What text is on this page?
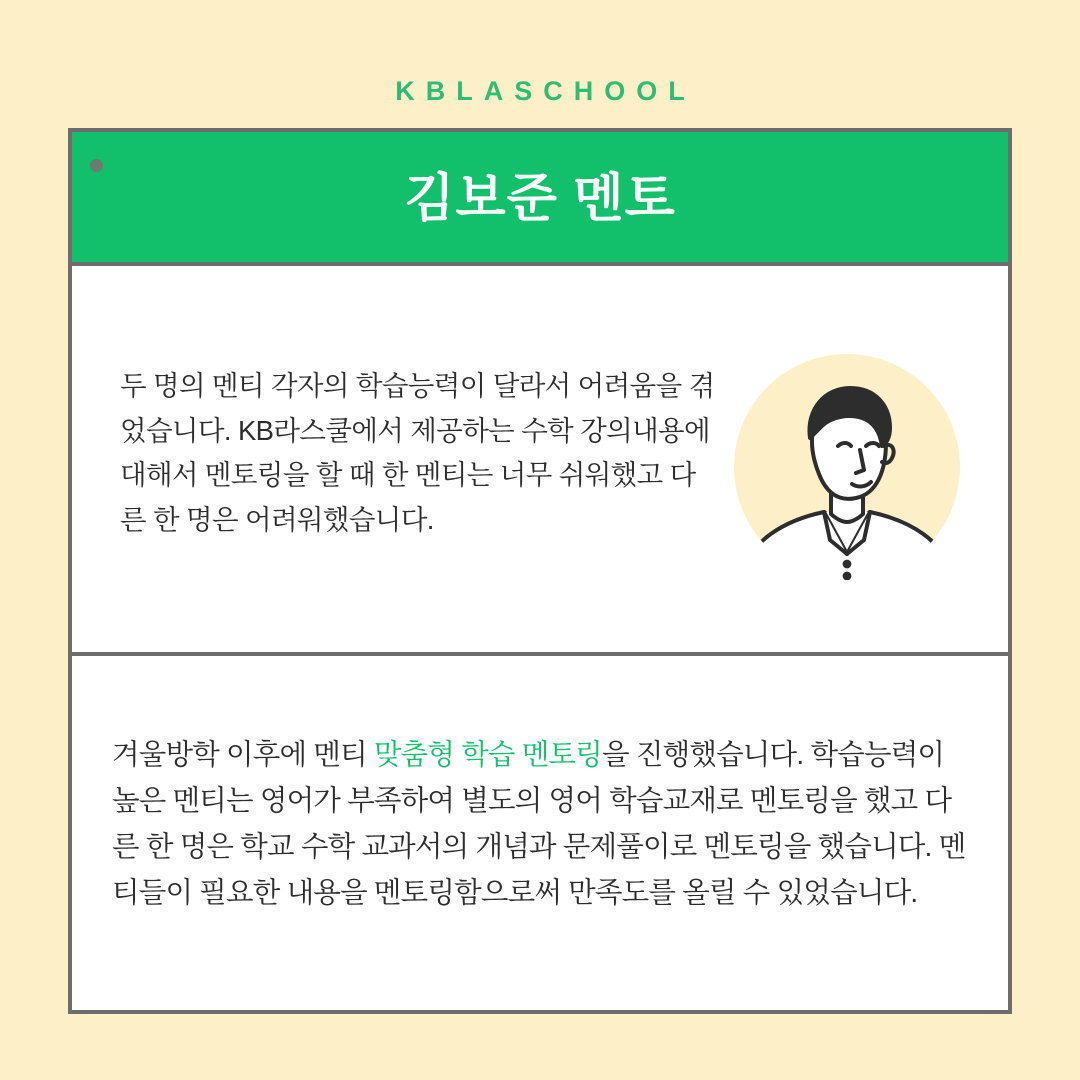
KBLASCHOOL
김보준 멘토
두 명의 멘티 각자의 학습능력이 달라서 어려움을 겪었습니다. KB라스쿨에서 제공하는 수학 강의내용에 대해서 멘토링을 할 때 한 멘티는 너무 쉬워했고 다른 한 명은 어려워했습니다.
겨울방학 이후에 멘티 맞춤형 학습 멘토링을 진행했습니다. 학습능력이 높은 멘티는 영어가 부족하여 별도의 영어 학습교재로 멘토링을 했고 다른 한 명은 학교 수학 교과서의 개념과 문제풀이로 멘토링을 했습니다. 멘티들이 필요한 내용을 멘토링함으로써 만족도를 올릴 수 있었습니다.
